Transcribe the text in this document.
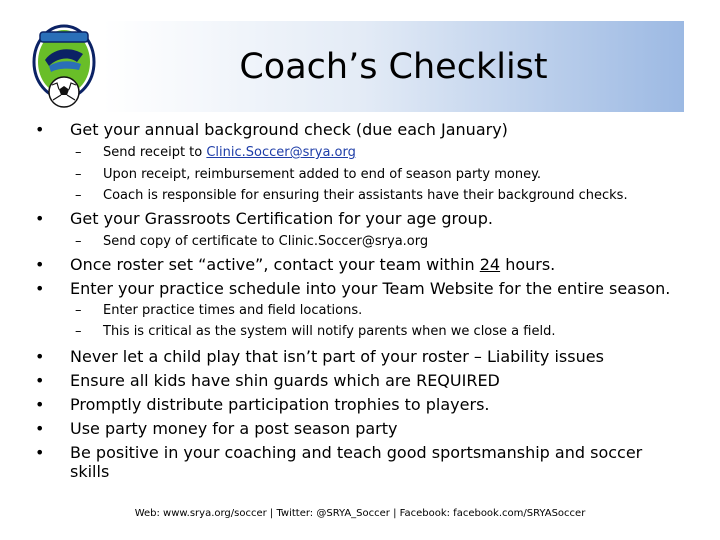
Coach’s Checklist
• Get your annual background check (due each January)
– Send receipt to Clinic.Soccer@srya.org
– Upon receipt, reimbursement added to end of season party money.
– Coach is responsible for ensuring their assistants have their background checks.
• Get your Grassroots Certification for your age group.
– Send copy of certificate to Clinic.Soccer@srya.org
• Once roster set “active”, contact your team within 24 hours.
• Enter your practice schedule into your Team Website for the entire season.
– Enter practice times and field locations.
– This is critical as the system will notify parents when we close a field.
• Never let a child play that isn’t part of your roster – Liability issues
• Ensure all kids have shin guards which are REQUIRED
• Promptly distribute participation trophies to players.
• Use party money for a post season party
• Be positive in your coaching and teach good sportsmanship and soccer
skills
Web: www.srya.org/soccer | Twitter: @SRYA_Soccer | Facebook: facebook.com/SRYASoccer
